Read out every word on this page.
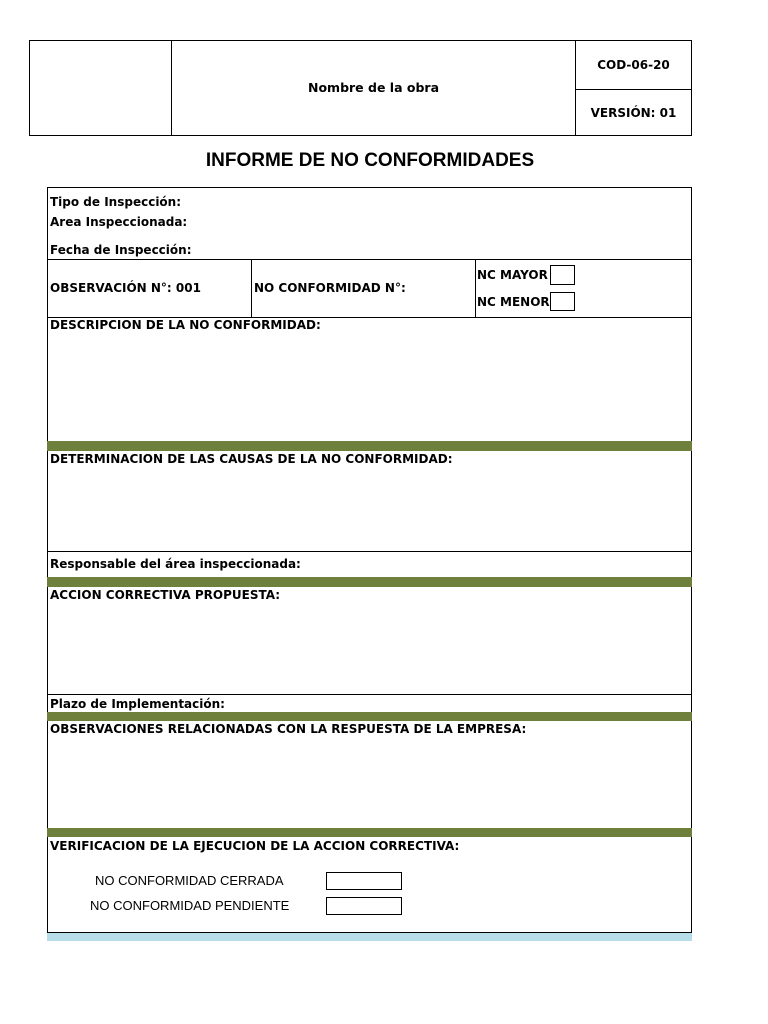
Nombre de la obra
COD-06-20
VERSIÓN: 01
INFORME DE NO CONFORMIDADES
Tipo de Inspección:
Area Inspeccionada:
Fecha de Inspección:
OBSERVACIÓN N°: 001	NO CONFORMIDAD N°:
NC MAYOR
NC MENOR
DESCRIPCION DE LA NO CONFORMIDAD:
DETERMINACION DE LAS CAUSAS DE LA NO CONFORMIDAD:
Responsable del área inspeccionada:
ACCION CORRECTIVA PROPUESTA:
Plazo de Implementación:
OBSERVACIONES RELACIONADAS CON LA RESPUESTA DE LA EMPRESA:
VERIFICACION DE LA EJECUCION DE LA ACCION CORRECTIVA:
NO CONFORMIDAD CERRADA
NO CONFORMIDAD PENDIENTE
